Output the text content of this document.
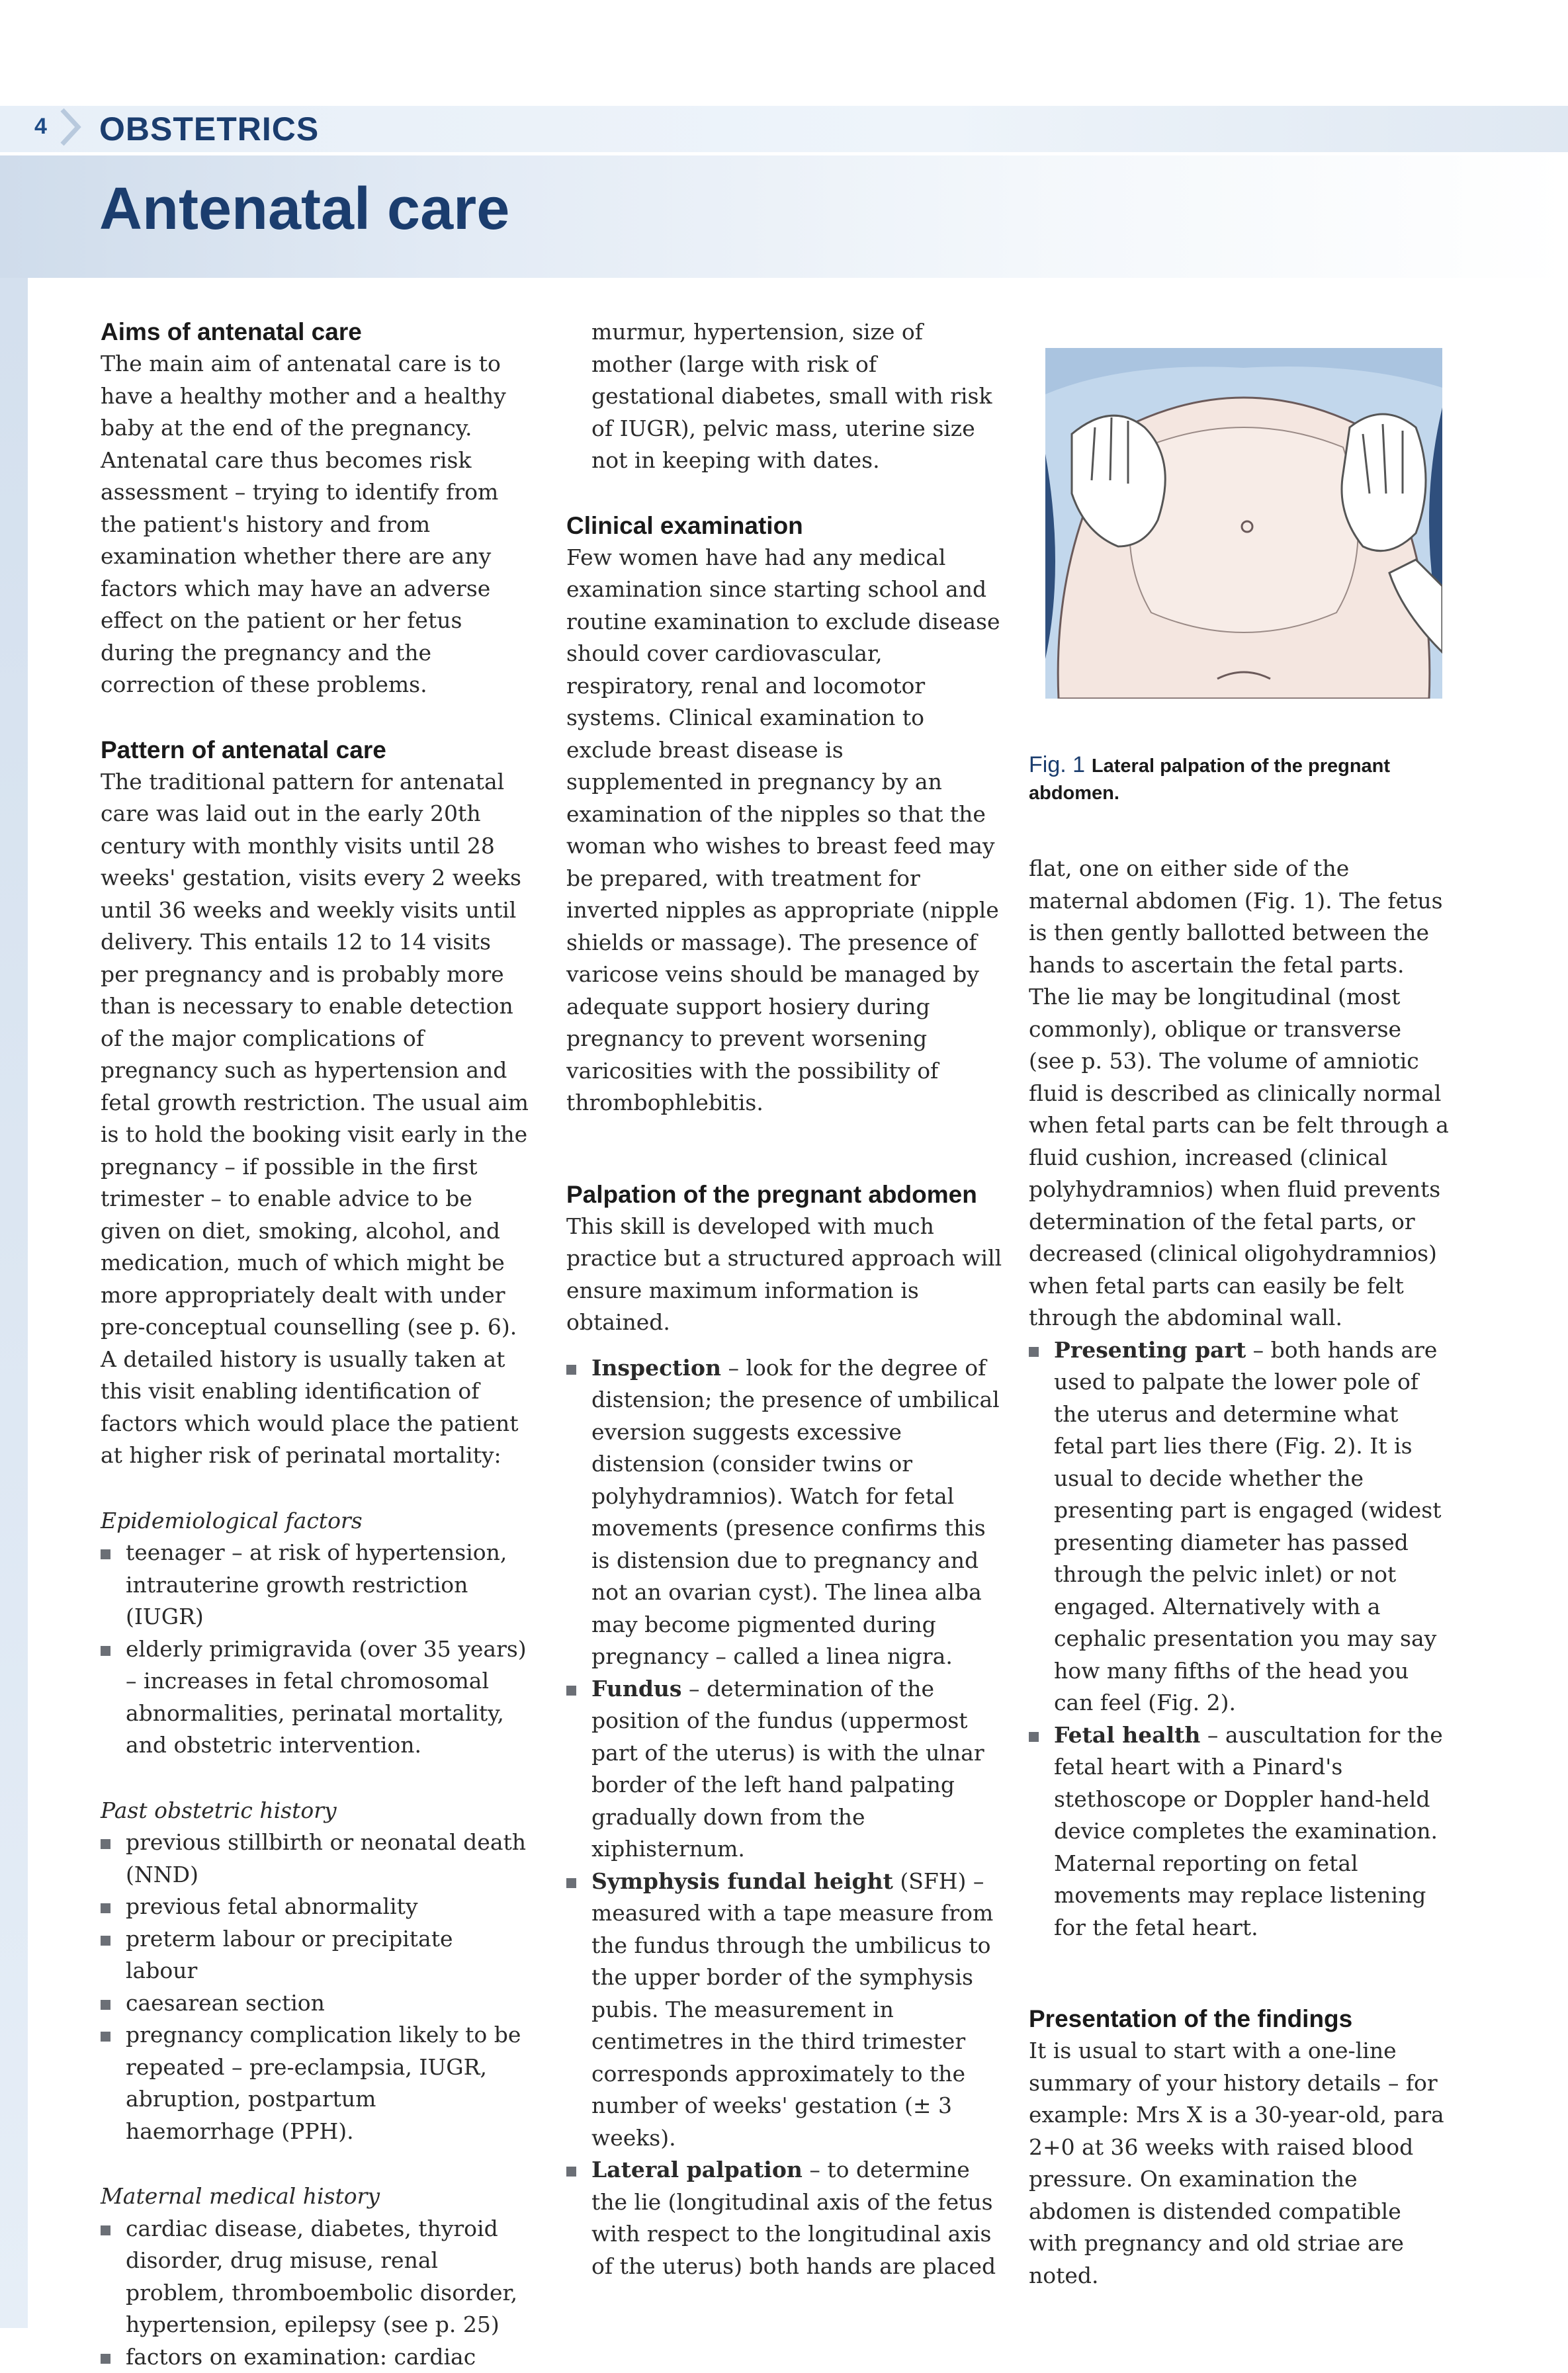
4 OBSTETRICS
Antenatal care
Aims of antenatal care

The main aim of antenatal care is to have a healthy mother and a healthy baby at the end of the pregnancy. Antenatal care thus becomes risk assessment – trying to identify from the patient's history and from examination whether there are any factors which may have an adverse effect on the patient or her fetus during the pregnancy and the correction of these problems.

Pattern of antenatal care

The traditional pattern for antenatal care was laid out in the early 20th century with monthly visits until 28 weeks' gestation, visits every 2 weeks until 36 weeks and weekly visits until delivery. This entails 12 to 14 visits per pregnancy and is probably more than is necessary to enable detection of the major complications of pregnancy such as hypertension and fetal growth restriction. The usual aim is to hold the booking visit early in the pregnancy – if possible in the first trimester – to enable advice to be given on diet, smoking, alcohol, and medication, much of which might be more appropriately dealt with under pre-conceptual counselling (see p. 6). A detailed history is usually taken at this visit enabling identification of factors which would place the patient at higher risk of perinatal mortality:

Epidemiological factors

teenager – at risk of hypertension, intrauterine growth restriction (IUGR)
elderly primigravida (over 35 years) – increases in fetal chromosomal abnormalities, perinatal mortality, and obstetric intervention.

Past obstetric history

previous stillbirth or neonatal death (NND)
previous fetal abnormality
preterm labour or precipitate labour
caesarean section
pregnancy complication likely to be repeated – pre-eclampsia, IUGR, abruption, postpartum haemorrhage (PPH).

Maternal medical history

cardiac disease, diabetes, thyroid disorder, drug misuse, renal problem, thromboembolic disorder, hypertension, epilepsy (see p. 25)
factors on examination: cardiac

murmur, hypertension, size of mother (large with risk of gestational diabetes, small with risk of IUGR), pelvic mass, uterine size not in keeping with dates.

Clinical examination

Few women have had any medical examination since starting school and routine examination to exclude disease should cover cardiovascular, respiratory, renal and locomotor systems. Clinical examination to exclude breast disease is supplemented in pregnancy by an examination of the nipples so that the woman who wishes to breast feed may be prepared, with treatment for inverted nipples as appropriate (nipple shields or massage). The presence of varicose veins should be managed by adequate support hosiery during pregnancy to prevent worsening varicosities with the possibility of thrombophlebitis.

Palpation of the pregnant abdomen

This skill is developed with much practice but a structured approach will ensure maximum information is obtained.

Inspection – look for the degree of distension; the presence of umbilical eversion suggests excessive distension (consider twins or polyhydramnios). Watch for fetal movements (presence confirms this is distension due to pregnancy and not an ovarian cyst). The linea alba may become pigmented during pregnancy – called a linea nigra.
Fundus – determination of the position of the fundus (uppermost part of the uterus) is with the ulnar border of the left hand palpating gradually down from the xiphisternum.
Symphysis fundal height (SFH) – measured with a tape measure from the fundus through the umbilicus to the upper border of the symphysis pubis. The measurement in centimetres in the third trimester corresponds approximately to the number of weeks' gestation (± 3 weeks).
Lateral palpation – to determine the lie (longitudinal axis of the fetus with respect to the longitudinal axis of the uterus) both hands are placed

Fig. 1 Lateral palpation of the pregnant abdomen.

flat, one on either side of the maternal abdomen (Fig. 1). The fetus is then gently ballotted between the hands to ascertain the fetal parts. The lie may be longitudinal (most commonly), oblique or transverse (see p. 53). The volume of amniotic fluid is described as clinically normal when fetal parts can be felt through a fluid cushion, increased (clinical polyhydramnios) when fluid prevents determination of the fetal parts, or decreased (clinical oligohydramnios) when fetal parts can easily be felt through the abdominal wall.

Presenting part – both hands are used to palpate the lower pole of the uterus and determine what fetal part lies there (Fig. 2). It is usual to decide whether the presenting part is engaged (widest presenting diameter has passed through the pelvic inlet) or not engaged. Alternatively with a cephalic presentation you may say how many fifths of the head you can feel (Fig. 2).
Fetal health – auscultation for the fetal heart with a Pinard's stethoscope or Doppler hand-held device completes the examination. Maternal reporting on fetal movements may replace listening for the fetal heart.
Presentation of the findings

It is usual to start with a one-line summary of your history details – for example: Mrs X is a 30-year-old, para 2+0 at 36 weeks with raised blood pressure. On examination the abdomen is distended compatible with pregnancy and old striae are noted.
